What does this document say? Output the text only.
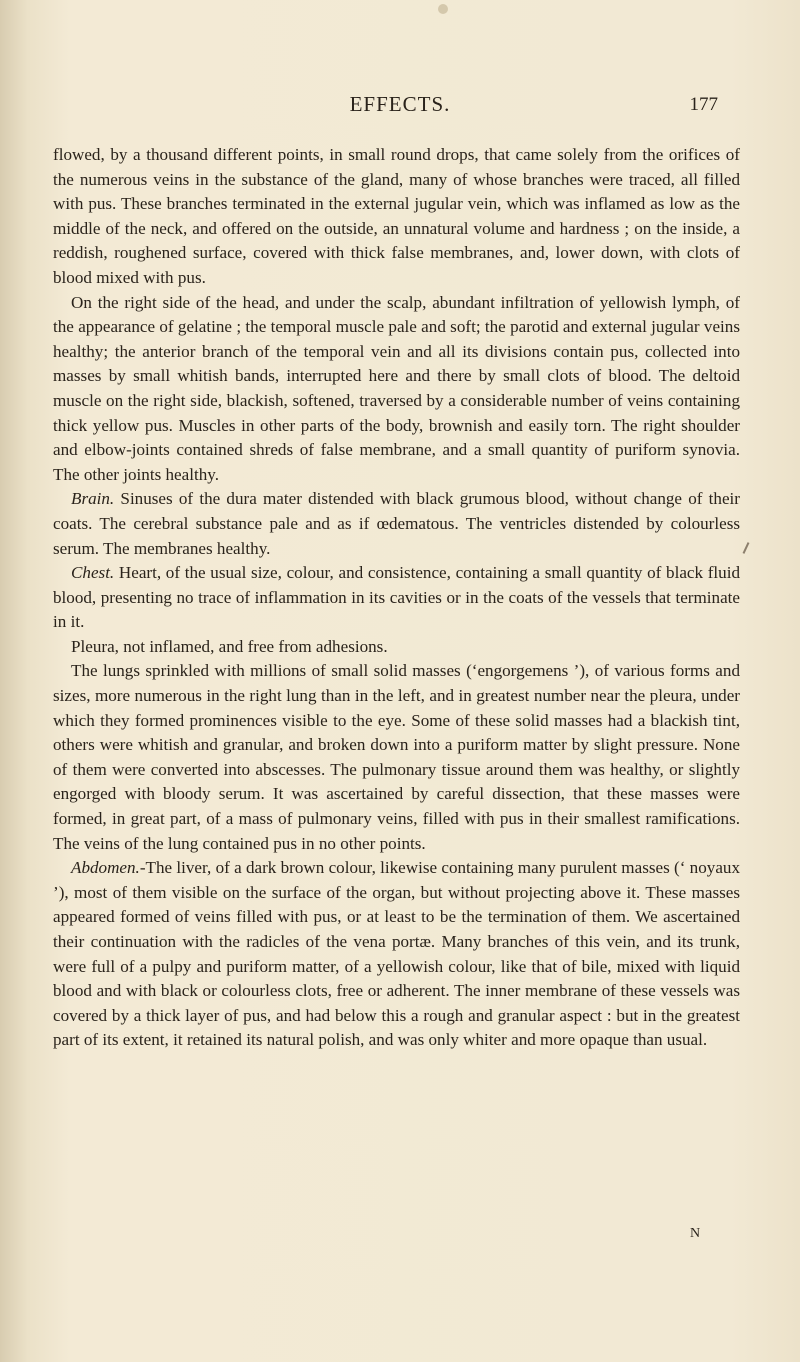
EFFECTS.	177

flowed, by a thousand different points, in small round drops, that came solely from the orifices of the numerous veins in the substance of the gland, many of whose branches were traced, all filled with pus. These branches terminated in the external jugular vein, which was inflamed as low as the middle of the neck, and offered on the outside, an unnatural volume and hardness ; on the inside, a reddish, roughened surface, covered with thick false membranes, and, lower down, with clots of blood mixed with pus.

On the right side of the head, and under the scalp, abundant infiltration of yellowish lymph, of the appearance of gelatine ; the temporal muscle pale and soft; the parotid and external jugular veins healthy; the anterior branch of the temporal vein and all its divisions contain pus, collected into masses by small whitish bands, interrupted here and there by small clots of blood. The deltoid muscle on the right side, blackish, softened, traversed by a considerable number of veins containing thick yellow pus. Muscles in other parts of the body, brownish and easily torn. The right shoulder and elbow-joints contained shreds of false membrane, and a small quantity of puriform synovia. The other joints healthy.

Brain. Sinuses of the dura mater distended with black grumous blood, without change of their coats. The cerebral substance pale and as if œdematous. The ventricles distended by colourless serum. The membranes healthy.

Chest. Heart, of the usual size, colour, and consistence, containing a small quantity of black fluid blood, presenting no trace of inflammation in its cavities or in the coats of the vessels that terminate in it.

Pleura, not inflamed, and free from adhesions.

The lungs sprinkled with millions of small solid masses (‘engorgemens ’), of various forms and sizes, more numerous in the right lung than in the left, and in greatest number near the pleura, under which they formed prominences visible to the eye. Some of these solid masses had a blackish tint, others were whitish and granular, and broken down into a puriform matter by slight pressure. None of them were converted into abscesses. The pulmonary tissue around them was healthy, or slightly engorged with bloody serum. It was ascertained by careful dissection, that these masses were formed, in great part, of a mass of pulmonary veins, filled with pus in their smallest ramifications. The veins of the lung contained pus in no other points.

Abdomen.-The liver, of a dark brown colour, likewise containing many purulent masses (‘ noyaux ’), most of them visible on the surface of the organ, but without projecting above it. These masses appeared formed of veins filled with pus, or at least to be the termination of them. We ascertained their continuation with the radicles of the vena portæ. Many branches of this vein, and its trunk, were full of a pulpy and puriform matter, of a yellowish colour, like that of bile, mixed with liquid blood and with black or colourless clots, free or adherent. The inner membrane of these vessels was covered by a thick layer of pus, and had below this a rough and granular aspect : but in the greatest part of its extent, it retained its natural polish, and was only whiter and more opaque than usual.

N
